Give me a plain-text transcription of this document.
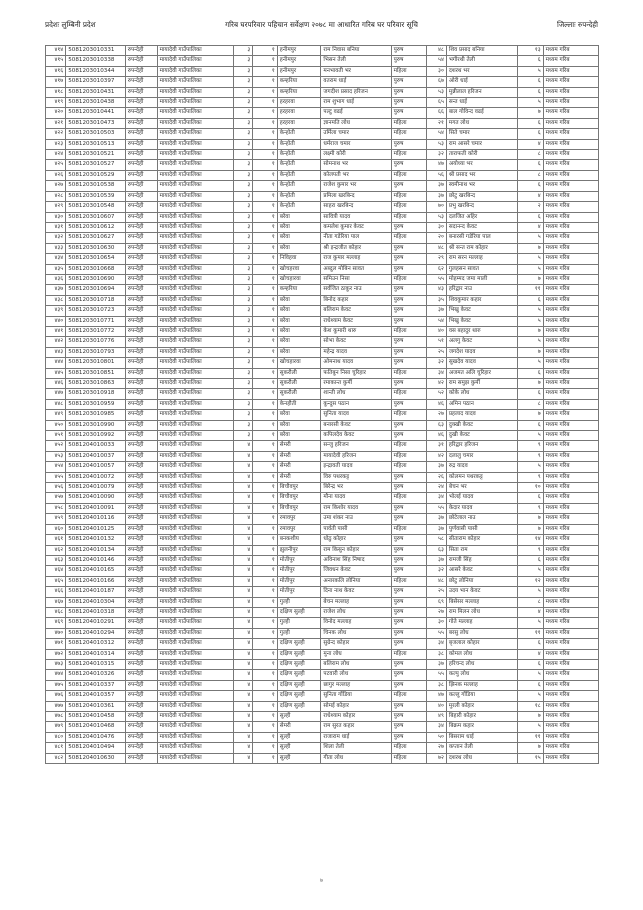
प्रदेशः लुम्बिनी प्रदेश	गरिब घरपरिवार पहिचान सर्वेक्षण २०७८ मा आधारित गरिब घर परिवार सूचि	जिल्लाः रुपन्देही
४१४	5081203010331	रुपन्देही	मायादेवी गाउँपालिका	३	१	हनीमपुर	राम निवास बनिया	पुरुष	४८	शिव प्रसाद बनिया	१३	मध्यम गरिब
४१५	5081203010338	रुपन्देही	मायादेवी गाउँपालिका	३	१	हनीमपुर	भिसन तेली	पुरुष	५४	भगीरथी तेली	६	मध्यम गरिब
४१६	5081203010344	रुपन्देही	मायादेवी गाउँपालिका	३	१	हनीमपुर	मनभावती भर	महिला	३०	दशरथ भर	५	मध्यम गरिब
४१७	5081203010397	रुपन्देही	मायादेवी गाउँपालिका	३	१	कम्हरिया	वतराम धाई	पुरुष	६७	ओरी धाई	६	मध्यम गरिब
४१८	5081203010431	रुपन्देही	मायादेवी गाउँपालिका	३	१	कम्हरिया	जगदीश प्रसाद हरिजन	पुरुष	५३	मुन्नीलाल हरिजन	६	मध्यम गरिब
४१९	5081203010438	रुपन्देही	मायादेवी गाउँपालिका	३	१	हरहरवा	राम शुभाग धाई	पुरुष	६५	सन्त धाई	५	मध्यम गरिब
४२०	5081203010441	रुपन्देही	मायादेवी गाउँपालिका	३	१	हरहरवा	पल्टु वढई	पुरुष	६६	बाल गोविन्द वढई	७	मध्यम गरिब
४२१	5081203010473	रुपन्देही	मायादेवी गाउँपालिका	३	१	हरहरवा	ज्ञानमति लोध	महिला	२१	मगत लोध	६	मध्यम गरिब
४२२	5081203010503	रुपन्देही	मायादेवी गाउँपालिका	३	१	केन्होती	उर्मिला चमार	महिला	५४	सिते चमार	६	मध्यम गरिब
४२३	5081203010513	रुपन्देही	मायादेवी गाउँपालिका	३	१	केन्होती	धर्मराज चमार	पुरुष	५३	राम आसरे चमार	४	मध्यम गरिब
४२४	5081203010521	रुपन्देही	मायादेवी गाउँपालिका	३	१	केन्होती	लक्ष्मी कोरी	महिला	३२	ताराफती कोरी	८	मध्यम गरिब
४२५	5081203010527	रुपन्देही	मायादेवी गाउँपालिका	३	१	केन्होती	सोमनाथ भर	पुरुष	४७	अयोध्या भर	६	मध्यम गरिब
४२६	5081203010529	रुपन्देही	मायादेवी गाउँपालिका	३	१	केन्होती	कोलपती भर	महिला	५६	श्री प्रसाद भर	८	मध्यम गरिब
४२७	5081203010538	रुपन्देही	मायादेवी गाउँपालिका	३	१	केन्होती	राजेश कुमार भर	पुरुष	३७	स्वमीनाथ भर	६	मध्यम गरिब
४२८	5081203010539	रुपन्देही	मायादेवी गाउँपालिका	३	१	केन्होती	प्रमिला खरबिन्द	महिला	३७	छोटु खरबिन्द	४	मध्यम गरिब
४२९	5081203010548	रुपन्देही	मायादेवी गाउँपालिका	३	१	केन्होती	साहरा खरबिन्द	महिला	७०	प्रभु खरबिन्द	२	मध्यम गरिब
४३०	5081203010607	रुपन्देही	मायादेवी गाउँपालिका	३	१	बरेवा	सावित्री यादव	महिला	५३	दलजित अहिर	६	मध्यम गरिब
४३१	5081203010612	रुपन्देही	मायादेवी गाउँपालिका	३	१	बरेवा	कमलेश कुमार केवट	पुरुष	३०	सदानन्द केवट	४	मध्यम गरिब
४३२	5081203010627	रुपन्देही	मायादेवी गाउँपालिका	३	१	बरेवा	नीता गडेरिया पाल	महिला	२०	बनारसी गडेरिया पाल	५	मध्यम गरिब
४३३	5081203010630	रुपन्देही	मायादेवी गाउँपालिका	३	१	बरेवा	श्री इन्द्रजीत कोहार	पुरुष	४८	श्री सन्त राम कोहार	७	मध्यम गरिब
४३४	5081203010654	रुपन्देही	मायादेवी गाउँपालिका	३	१	निविहवा	राज कुमार मल्लाह	पुरुष	२९	राम सरन मल्लाह	५	मध्यम गरिब
४३५	5081203010668	रुपन्देही	मायादेवी गाउँपालिका	३	१	खोचहरवा	अब्दुल मोबिन सावत	पुरुष	६२	गुलहसन सावत	५	मध्यम गरिब
४३६	5081203010690	रुपन्देही	मायादेवी गाउँपालिका	३	१	खोचहारवा	समिउन निसा	महिला	५५	मोहम्मद जमा माली	७	मध्यम गरिब
४३७	5081203010694	रुपन्देही	मायादेवी गाउँपालिका	३	१	कम्हरिया	सर्वजित ठाकुर नाउ	पुरुष	४३	हरिद्वार नाउ	११	मध्यम गरिब
४३८	5081203010718	रुपन्देही	मायादेवी गाउँपालिका	३	१	बरेवा	बिनोद कहार	पुरुष	३५	शिवकुमार कहार	६	मध्यम गरिब
४३९	5081203010723	रुपन्देही	मायादेवी गाउँपालिका	३	१	बरेवा	बलिराम केवट	पुरुष	३७	भिखु केवट	५	मध्यम गरिब
४४०	5081203010771	रुपन्देही	मायादेवी गाउँपालिका	३	१	बरेवा	राधेश्याम केवट	पुरुष	५४	भिखु केवट	५	मध्यम गरिब
४४१	5081203010772	रुपन्देही	मायादेवी गाउँपालिका	३	१	बरेवा	केश कुमारी थारु	महिला	४०	वस बहादुर थारु	७	मध्यम गरिब
४४२	5081203010776	रुपन्देही	मायादेवी गाउँपालिका	३	१	बरेवा	सोभा केवट	पुरुष	५१	अलगु केवट	५	मध्यम गरिब
४४३	5081203010793	रुपन्देही	मायादेवी गाउँपालिका	३	१	बरेवा	महेन्द्र यादव	पुरुष	२५	जगदेश यादव	७	मध्यम गरिब
४४४	5081203010801	रुपन्देही	मायादेवी गाउँपालिका	३	१	खोचहारवा	ओमनाथ यादव	पुरुष	३२	सुखदेव यादव	५	मध्यम गरिब
४४५	5081203010851	रुपन्देही	मायादेवी गाउँपालिका	३	१	सुकरौली	फतिबुन निसा चुरिहार	महिला	३४	अजमत अलि चुरिहार	६	मध्यम गरिब
४४६	5081203010863	रुपन्देही	मायादेवी गाउँपालिका	३	१	सुकरौली	रमाकान्त कुर्मी	पुरुष	४२	राम समुझ कुर्मी	७	मध्यम गरिब
४४७	5081203010918	रुपन्देही	मायादेवी गाउँपालिका	३	१	सुकरौली	शान्ती लोध	महिला	५२	कोके लोध	६	मध्यम गरिब
४४८	5081203010959	रुपन्देही	मायादेवी गाउँपालिका	३	१	केनहौती	कुन्दुस पठान	पुरुष	४६	अमिन पठान	८	मध्यम गरिब
४४९	5081203010985	रुपन्देही	मायादेवी गाउँपालिका	३	१	बरेवा	सुनिता यादव	महिला	२७	प्रहलाद यादव	७	मध्यम गरिब
४५०	5081203010990	रुपन्देही	मायादेवी गाउँपालिका	३	१	बरेवा	बनारसी केवट	पुरुष	६३	दुक्खी केवट	६	मध्यम गरिब
४५१	5081203010992	रुपन्देही	मायादेवी गाउँपालिका	३	१	बरेवा	कपिलदेव केवट	पुरुष	४६	दुखी केवट	५	मध्यम गरिब
४५२	5081204010033	रुपन्देही	मायादेवी गाउँपालिका	४	१	सेमरी	सन्जु हरिजन	महिला	३१	हरिद्वार हरिजन	९	मध्यम गरिब
४५३	5081204010037	रुपन्देही	मायादेवी गाउँपालिका	४	१	सेमरी	मायादेवी हरिजन	महिला	४२	दलालु चमार	९	मध्यम गरिब
४५४	5081204010057	रुपन्देही	मायादेवी गाउँपालिका	४	१	सेमरी	इन्द्रावती यादव	महिला	३७	रुद्र यादव	५	मध्यम गरिब
४५५	5081204010072	रुपन्देही	मायादेवी गाउँपालिका	४	१	सेमरी	विरु पथरकट्ट	पुरुष	२६	कोलमन पथरकट्ट	९	मध्यम गरिब
४५६	5081204010079	रुपन्देही	मायादेवी गाउँपालिका	४	१	बिचौवपुर	बिरेन्द्र भर	पुरुष	२४	बेचन भर	१०	मध्यम गरिब
४५७	5081204010090	रुपन्देही	मायादेवी गाउँपालिका	४	१	बिचौवपुर	मौना यादव	महिला	३४	भोलई यादव	६	मध्यम गरिब
४५८	5081204010091	रुपन्देही	मायादेवी गाउँपालिका	४	१	बिचौवपुर	राम किशोर यादव	पुरुष	५५	केदार यादव	९	मध्यम गरिब
४५९	5081204010116	रुपन्देही	मायादेवी गाउँपालिका	४	१	रमावपुर	उमा शंकर नाउ	पुरुष	३७	छोटेलाल नाउ	७	मध्यम गरिब
४६०	5081204010125	रुपन्देही	मायादेवी गाउँपालिका	४	१	रमावपुर	पार्वती पासी	महिला	३७	पुर्णवासी पासी	७	मध्यम गरिब
४६१	5081204010132	रुपन्देही	मायादेवी गाउँपालिका	४	१	बनकशीय	धोठु कोहार	पुरुष	५८	सीताराम कोहार	१४	मध्यम गरिब
४६२	5081204010134	रुपन्देही	मायादेवी गाउँपालिका	४	१	झुलनीपुर	राम किसुन कोहार	पुरुष	६३	सिता राम	९	मध्यम गरिब
४६३	5081204010146	रुपन्देही	मायादेवी गाउँपालिका	४	१	मोतीपुर	अविनाश सिंह निषाद	पुरुष	३७	रामजी सिंह	६	मध्यम गरिब
४६४	5081204010165	रुपन्देही	मायादेवी गाउँपालिका	४	१	मोतीपुर	जिवधन केवट	पुरुष	३२	आसरे केवट	५	मध्यम गरिब
४६५	5081204010166	रुपन्देही	मायादेवी गाउँपालिका	४	१	मोतीपुर	अनारकलि लोनिया	महिला	४८	छोटु लोनिया	१२	मध्यम गरिब
४६६	5081204010187	रुपन्देही	मायादेवी गाउँपालिका	४	१	मोतीपुर	दिना नाथ केवट	पुरुष	२५	उदय भान केवट	५	मध्यम गरिब
४६७	5081204010304	रुपन्देही	मायादेवी गाउँपालिका	४	१	गुल्ही	बेचन मल्लाह	पुरुष	६९	बिसेसर मल्लाह	८	मध्यम गरिब
४६८	5081204010318	रुपन्देही	मायादेवी गाउँपालिका	४	१	दक्षिण सुल्ही	राजेश लोध	पुरुष	२७	राम मिलन लोध	४	मध्यम गरिब
४६९	5081204010291	रुपन्देही	मायादेवी गाउँपालिका	४	१	गुल्ही	विनोद मल्लाह	पुरुष	३०	गोते मल्लाह	५	मध्यम गरिब
४७०	5081204010294	रुपन्देही	मायादेवी गाउँपालिका	४	१	गुल्ही	चिनक लोध	पुरुष	५५	बरसु लोध	११	मध्यम गरिब
४७१	5081204010312	रुपन्देही	मायादेवी गाउँपालिका	४	१	दक्षिण सुल्ही	सुग्रेन्द कोहार	पुरुष	३४	बृजलाल कोहार	६	मध्यम गरिब
४७२	5081204010314	रुपन्देही	मायादेवी गाउँपालिका	४	१	दक्षिण सुल्ही	मुना लोध	महिला	३८	कोमल लोध	४	मध्यम गरिब
४७३	5081204010315	रुपन्देही	मायादेवी गाउँपालिका	४	१	दक्षिण सुल्ही	बलिराम लोध	पुरुष	३७	हरिचन्द लोध	६	मध्यम गरिब
४७४	5081204010326	रुपन्देही	मायादेवी गाउँपालिका	४	१	दक्षिण सुल्ही	पटवारी लोध	पुरुष	५५	कल्पु लोध	५	मध्यम गरिब
४७५	5081204010337	रुपन्देही	मायादेवी गाउँपालिका	४	१	दक्षिण सुल्ही	छागुर मल्लाह	पुरुष	३८	झिनक मल्लाह	६	मध्यम गरिब
४७६	5081204010357	रुपन्देही	मायादेवी गाउँपालिका	४	१	दक्षिण सुल्ही	सुनिता गोंडिया	महिला	४७	कल्लु गोंडिया	५	मध्यम गरिब
४७७	5081204010361	रुपन्देही	मायादेवी गाउँपालिका	४	१	दक्षिण सुल्ही	सोमई कोहार	पुरुष	४०	मुरली कोहार	१८	मध्यम गरिब
४७८	5081204010458	रुपन्देही	मायादेवी गाउँपालिका	४	१	सुल्ही	राधेश्याम कोहार	पुरुष	४९	बिहारी कोहार	७	मध्यम गरिब
४७९	5081204010468	रुपन्देही	मायादेवी गाउँपालिका	४	१	सेमरी	राम सुरत कहार	पुरुष	३४	बिक्रम कहार	५	मध्यम गरिब
४८०	5081204010476	रुपन्देही	मायादेवी गाउँपालिका	४	१	सुल्ही	राजाराम धाई	पुरुष	५०	बिसराम धाई	११	मध्यम गरिब
४८१	5081204010494	रुपन्देही	मायादेवी गाउँपालिका	४	१	सुल्ही	शिला तेली	महिला	२७	कप्तान तेली	७	मध्यम गरिब
४८२	5081204010630	रुपन्देही	मायादेवी गाउँपालिका	४	१	सुल्ही	गीता लोध	महिला	७२	दशरथ लोध	१५	मध्यम गरिब
७
